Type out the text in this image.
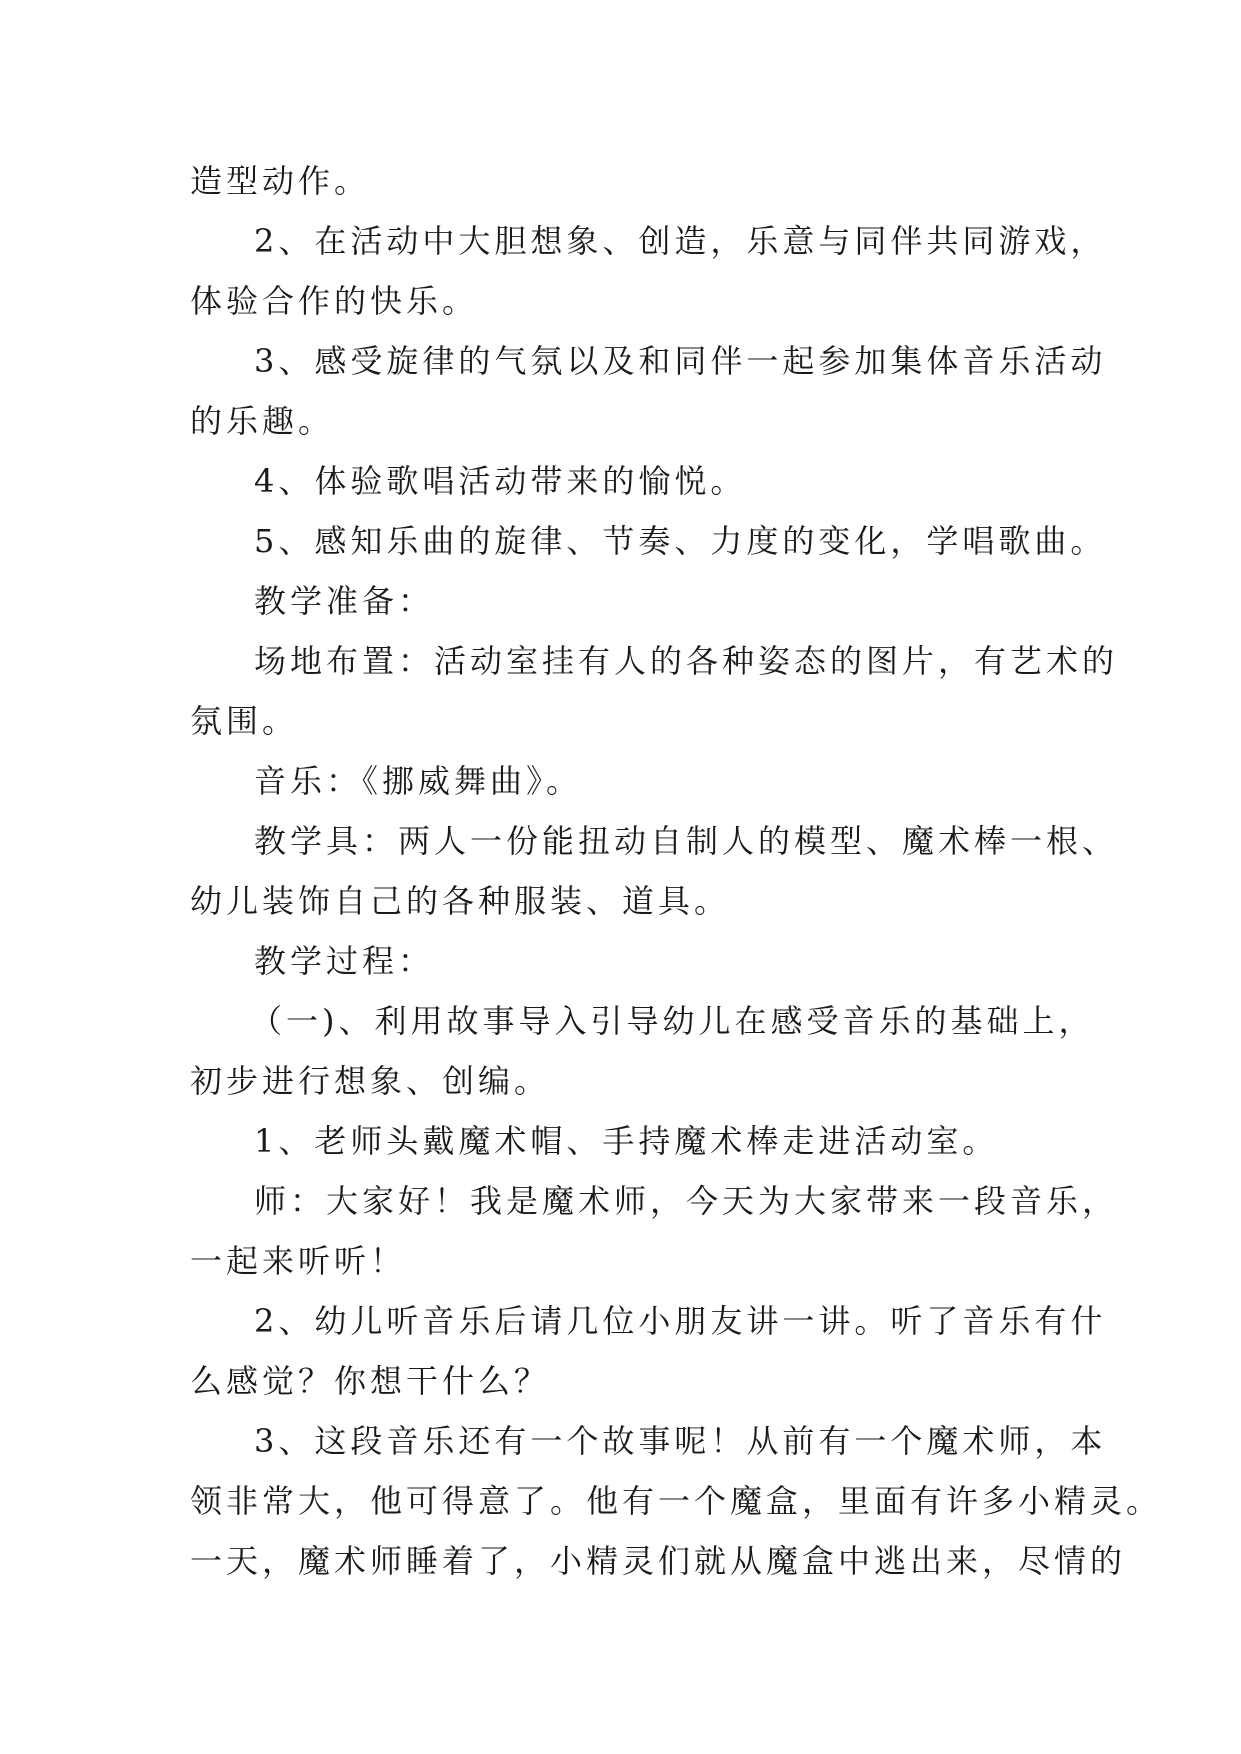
造型动作。
2、在活动中大胆想象、创造，乐意与同伴共同游戏，
体验合作的快乐。
3、感受旋律的气氛以及和同伴一起参加集体音乐活动
的乐趣。
4、体验歌唱活动带来的愉悦。
5、感知乐曲的旋律、节奏、力度的变化，学唱歌曲。
教学准备：
场地布置：活动室挂有人的各种姿态的图片，有艺术的
氛围。
音乐：《挪威舞曲》。
教学具：两人一份能扭动自制人的模型、魔术棒一根、
幼儿装饰自己的各种服装、道具。
教学过程：
（一)、利用故事导入引导幼儿在感受音乐的基础上，
初步进行想象、创编。
1、老师头戴魔术帽、手持魔术棒走进活动室。
师：大家好！我是魔术师，今天为大家带来一段音乐，
一起来听听！
2、幼儿听音乐后请几位小朋友讲一讲。听了音乐有什
么感觉？你想干什么？
3、这段音乐还有一个故事呢！从前有一个魔术师，本
领非常大，他可得意了。他有一个魔盒，里面有许多小精灵。
一天，魔术师睡着了，小精灵们就从魔盒中逃出来，尽情的
